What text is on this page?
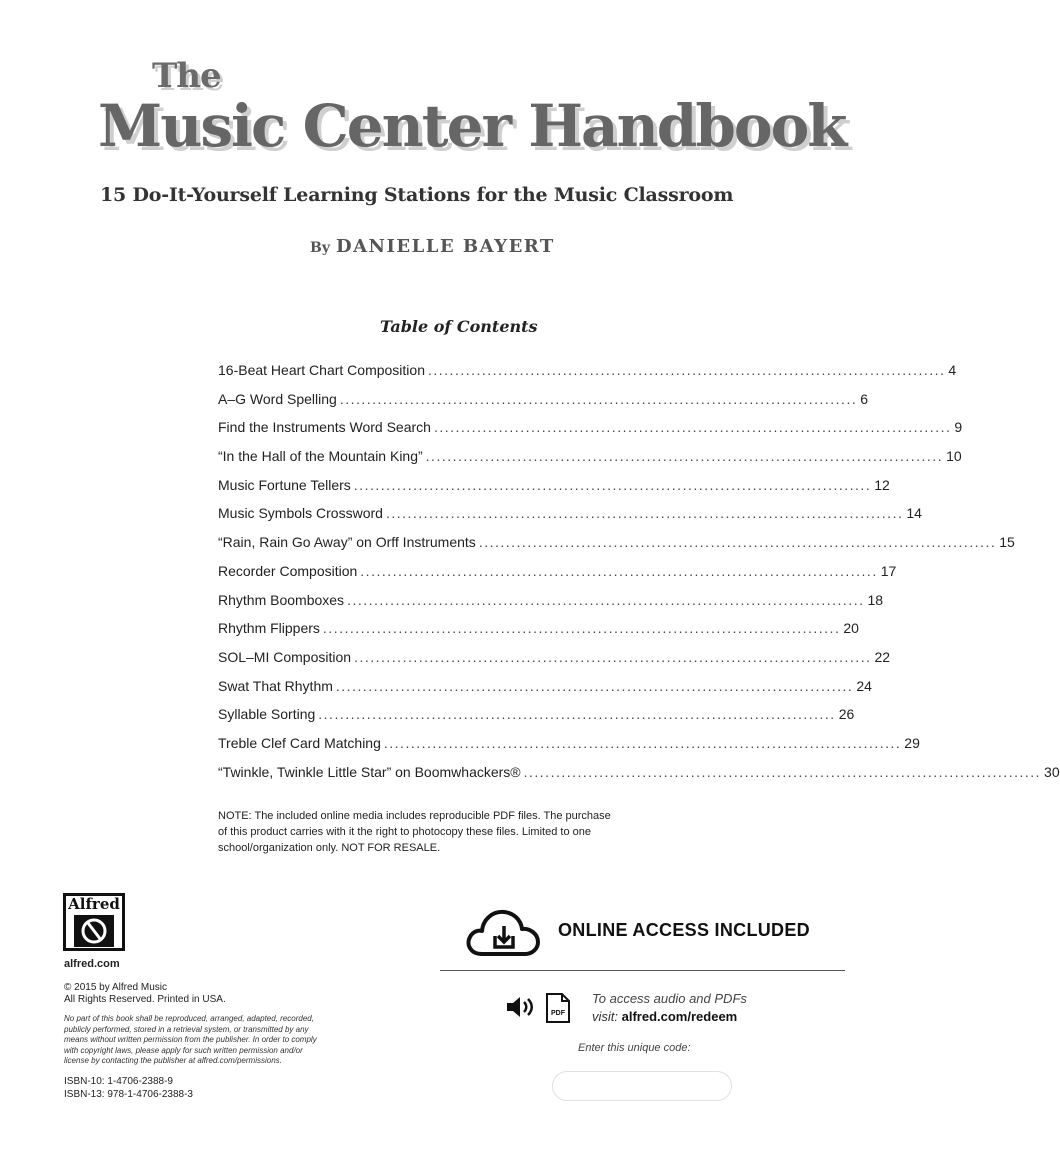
The
Music Center Handbook
15 Do-It-Yourself Learning Stations for the Music Classroom
By DANIELLE BAYERT
Table of Contents
16-Beat Heart Chart Composition ................................................................................................ 4
A–G Word Spelling ................................................................................................ 6
Find the Instruments Word Search ................................................................................................ 9
“In the Hall of the Mountain King” ................................................................................................ 10
Music Fortune Tellers ................................................................................................ 12
Music Symbols Crossword ................................................................................................ 14
“Rain, Rain Go Away” on Orff Instruments ................................................................................................ 15
Recorder Composition ................................................................................................ 17
Rhythm Boomboxes ................................................................................................ 18
Rhythm Flippers ................................................................................................ 20
SOL–MI Composition ................................................................................................ 22
Swat That Rhythm ................................................................................................ 24
Syllable Sorting ................................................................................................ 26
Treble Clef Card Matching ................................................................................................ 29
“Twinkle, Twinkle Little Star” on Boomwhackers® ................................................................................................ 30
NOTE: The included online media includes reproducible PDF files. The purchase
of this product carries with it the right to photocopy these files. Limited to one
school/organization only. NOT FOR RESALE.
Alfred
alfred.com
© 2015 by Alfred Music
All Rights Reserved. Printed in USA.
No part of this book shall be reproduced, arranged, adapted, recorded,
publicly performed, stored in a retrieval system, or transmitted by any
means without written permission from the publisher. In order to comply
with copyright laws, please apply for such written permission and/or
license by contacting the publisher at alfred.com/permissions.
ISBN-10: 1-4706-2388-9
ISBN-13: 978-1-4706-2388-3
ONLINE ACCESS INCLUDED
PDF
To access audio and PDFs
visit: alfred.com/redeem
Enter this unique code:
